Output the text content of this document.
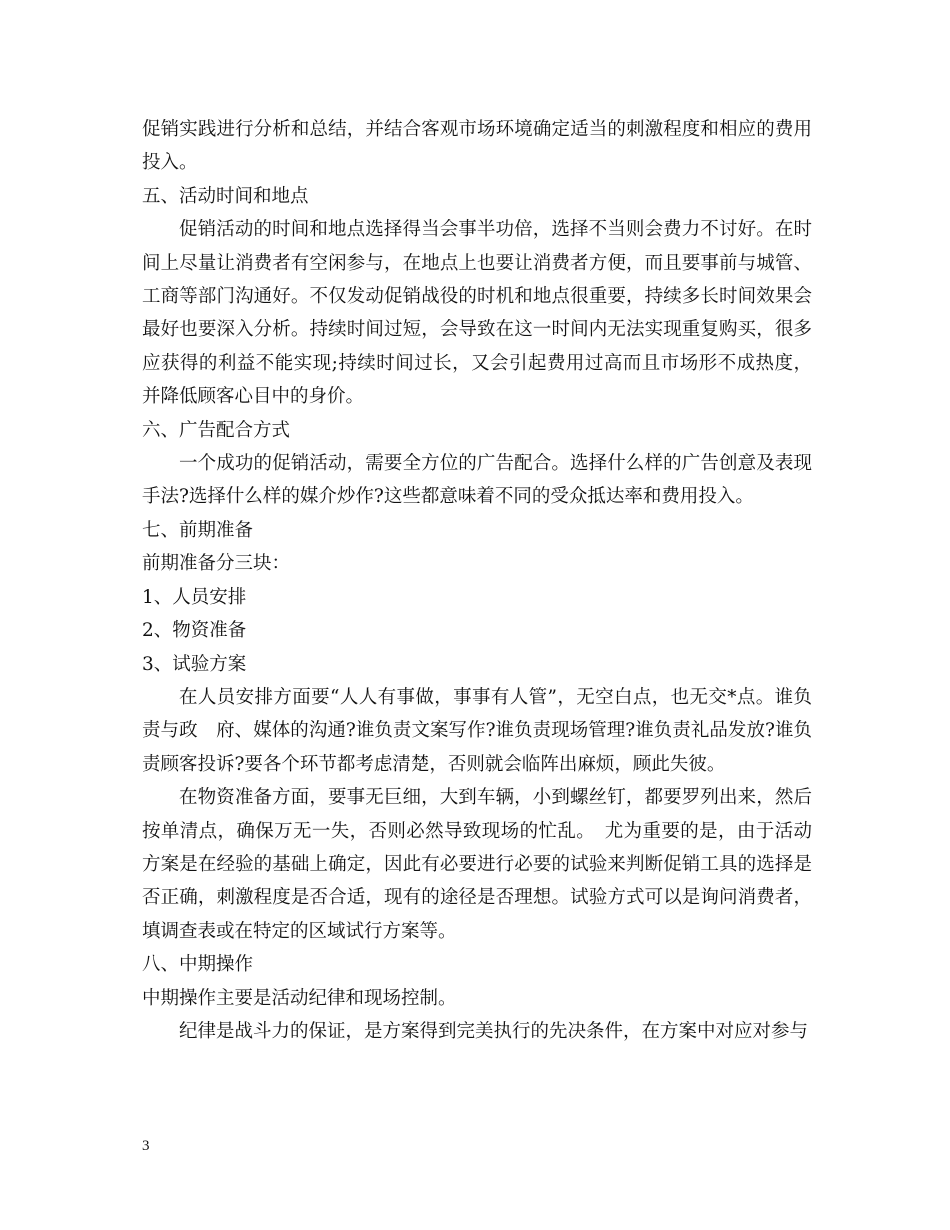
促销实践进行分析和总结，并结合客观市场环境确定适当的刺激程度和相应的费用投入。

五、活动时间和地点

促销活动的时间和地点选择得当会事半功倍，选择不当则会费力不讨好。在时间上尽量让消费者有空闲参与，在地点上也要让消费者方便，而且要事前与城管、工商等部门沟通好。不仅发动促销战役的时机和地点很重要，持续多长时间效果会最好也要深入分析。持续时间过短，会导致在这一时间内无法实现重复购买，很多应获得的利益不能实现;持续时间过长，又会引起费用过高而且市场形不成热度，并降低顾客心目中的身价。

六、广告配合方式

一个成功的促销活动，需要全方位的广告配合。选择什么样的广告创意及表现手法?选择什么样的媒介炒作?这些都意味着不同的受众抵达率和费用投入。

七、前期准备

前期准备分三块：

1、人员安排

2、物资准备

3、试验方案

在人员安排方面要“人人有事做，事事有人管”，无空白点，也无交*点。谁负责与政　府、媒体的沟通?谁负责文案写作?谁负责现场管理?谁负责礼品发放?谁负责顾客投诉?要各个环节都考虑清楚，否则就会临阵出麻烦，顾此失彼。

在物资准备方面，要事无巨细，大到车辆，小到螺丝钉，都要罗列出来，然后按单清点，确保万无一失，否则必然导致现场的忙乱。　尤为重要的是，由于活动方案是在经验的基础上确定，因此有必要进行必要的试验来判断促销工具的选择是否正确，刺激程度是否合适，现有的途径是否理想。试验方式可以是询问消费者，填调查表或在特定的区域试行方案等。

八、中期操作

中期操作主要是活动纪律和现场控制。

纪律是战斗力的保证，是方案得到完美执行的先决条件，在方案中对应对参与

3
